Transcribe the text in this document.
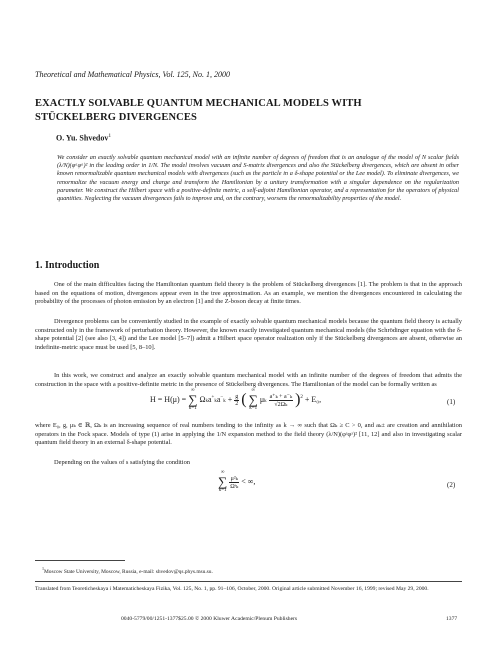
Theoretical and Mathematical Physics, Vol. 125, No. 1, 2000
EXACTLY SOLVABLE QUANTUM MECHANICAL MODELS WITH
STÜCKELBERG DIVERGENCES
O. Yu. Shvedov$^1$
We consider an exactly solvable quantum mechanical model with an infinite number of degrees of freedom that is an analogue of the model of N scalar fields (λ/N)(φᵃφᵃ)² in the leading order in 1/N. The model involves vacuum and S-matrix divergences and also the Stückelberg divergences, which are absent in other known renormalizable quantum mechanical models with divergences (such as the particle in a δ-shape potential or the Lee model). To eliminate divergences, we renormalize the vacuum energy and charge and transform the Hamiltonian by a unitary transformation with a singular dependence on the regularization parameter. We construct the Hilbert space with a positive-definite metric, a self-adjoint Hamiltonian operator, and a representation for the operators of physical quantities. Neglecting the vacuum divergences fails to improve and, on the contrary, worsens the renormalizability properties of the model.
1. Introduction
One of the main difficulties facing the Hamiltonian quantum field theory is the problem of Stückelberg divergences [1]. The problem is that in the approach based on the equations of motion, divergences appear even in the tree approximation. As an example, we mention the divergences encountered in calculating the probability of the processes of photon emission by an electron [1] and the Z-boson decay at finite times.
Divergence problems can be conveniently studied in the example of exactly solvable quantum mechanical models because the quantum field theory is actually constructed only in the framework of perturbation theory. However, the known exactly investigated quantum mechanical models (the Schrödinger equation with the δ-shape potential [2] (see also [3, 4]) and the Lee model [5–7]) admit a Hilbert space operator realization only if the Stückelberg divergences are absent, otherwise an indefinite-metric space must be used [5, 8–10].
In this work, we construct and analyze an exactly solvable quantum mechanical model with an infinite number of the degrees of freedom that admits the construction in the space with a positive-definite metric in the presence of Stückelberg divergences. The Hamiltonian of the model can be formally written as
H = H(μ) =
∞
∑
k=1
$\Omega ka^+ka^-k + \frac{g}{2}$ (
∞
∑
k=1
μk $\frac{\text{a⁺ₖ + a⁻ₖ}}{\text{√2Ωₖ}} )^2 + E_0$,	(1)
where E₀, g, μₖ ∈ ℝ, Ωₖ is an increasing sequence of real numbers tending to the infinity as k → ∞ such that Ωₖ ≥ C > 0, and aₖ± are creation and annihilation operators in the Fock space. Models of type (1) arise in applying the 1/N expansion method to the field theory (λ/N)(φᵃφᵃ)² [11, 12] and also in investigating scalar quantum field theory in an external δ-shape potential.
Depending on the values of s satisfying the condition
∞
∑
k=1

$\frac{\text{μ²ₖ}}{\text{Ωˢₖ}}$ < ∞,	(2)
$^1$Moscow State University, Moscow, Russia, e-mail: shvedov@qs.phys.msu.su.
Translated from Teoreticheskaya i Matematicheskaya Fizika, Vol. 125, No. 1, pp. 91–106, October, 2000. Original article submitted November 16, 1999; revised May 29, 2000.
0040-5779/00/1251-1377$25.00 © 2000 Kluwer Academic/Plenum Publishers	1377
